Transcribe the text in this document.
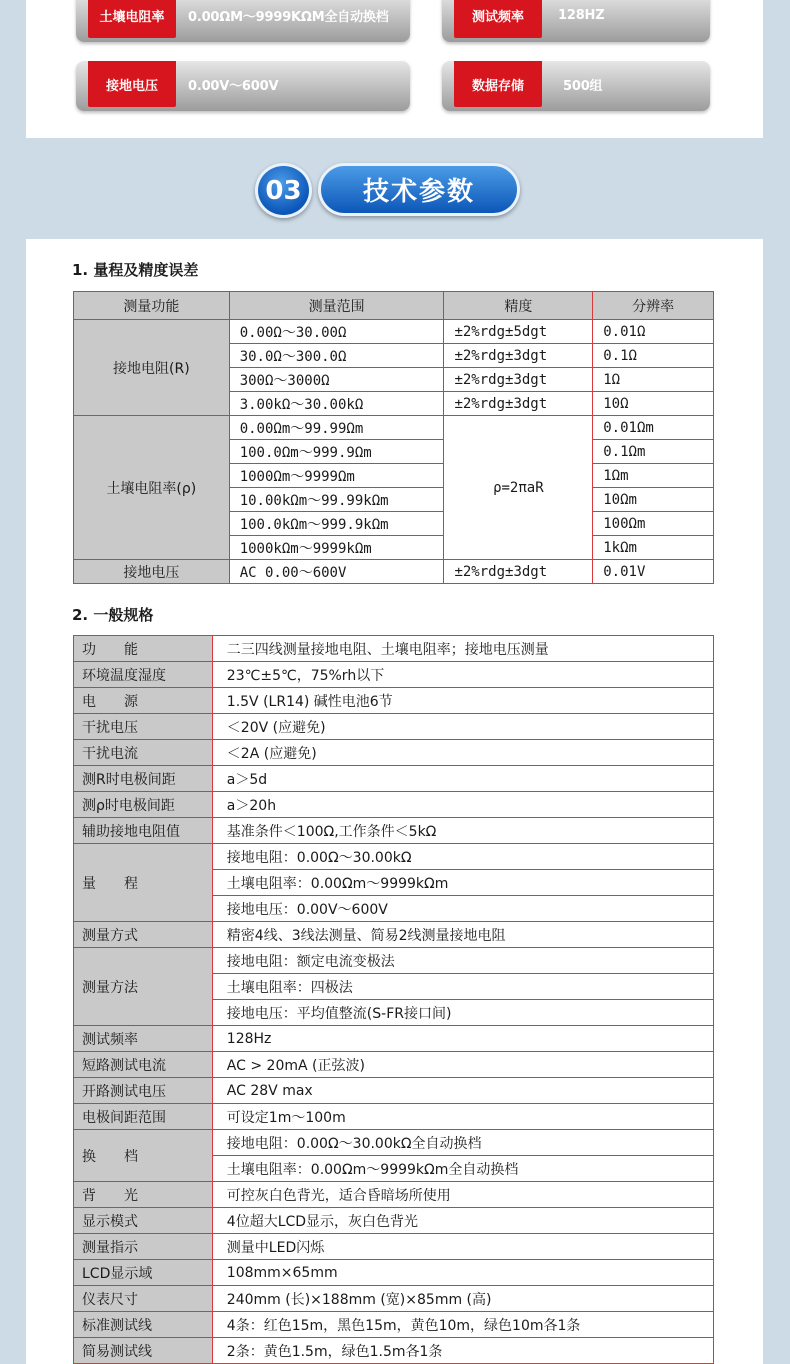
土壤电阻率	0.00ΩM～9999KΩM全自动换档	测试频率	128HZ
接地电压	0.00V～600V	数据存储	500组
03	技术参数
1. 量程及精度误差
测量功能	测量范围	精度	分辨率
接地电阻(R)	0.00Ω～30.00Ω	±2%rdg±5dgt	0.01Ω
	30.0Ω～300.0Ω	±2%rdg±3dgt	0.1Ω
	300Ω～3000Ω	±2%rdg±3dgt	1Ω
	3.00kΩ～30.00kΩ	±2%rdg±3dgt	10Ω
土壤电阻率(ρ)	0.00Ωm～99.99Ωm	ρ=2πaR	0.01Ωm
	100.0Ωm～999.9Ωm		0.1Ωm
	1000Ωm～9999Ωm		1Ωm
	10.00kΩm～99.99kΩm		10Ωm
	100.0kΩm～999.9kΩm		100Ωm
	1000kΩm～9999kΩm		1kΩm
接地电压	AC 0.00～600V	±2%rdg±3dgt	0.01V
2. 一般规格
功　　能	二三四线测量接地电阻、土壤电阻率；接地电压测量
环境温度湿度	23℃±5℃，75%rh以下
电　　源	1.5V (LR14) 碱性电池6节
干扰电压	＜20V (应避免)
干扰电流	＜2A (应避免)
测R时电极间距	a＞5d
测ρ时电极间距	a＞20h
辅助接地电阻值	基准条件＜100Ω,工作条件＜5kΩ
量　　程	接地电阻：0.00Ω～30.00kΩ
	土壤电阻率：0.00Ωm～9999kΩm
	接地电压：0.00V～600V
测量方式	精密4线、3线法测量、简易2线测量接地电阻
测量方法	接地电阻：额定电流变极法
	土壤电阻率：四极法
	接地电压：平均值整流(S-FR接口间)
测试频率	128Hz
短路测试电流	AC > 20mA (正弦波)
开路测试电压	AC 28V max
电极间距范围	可设定1m～100m
换　　档	接地电阻：0.00Ω～30.00kΩ全自动换档
	土壤电阻率：0.00Ωm～9999kΩm全自动换档
背　　光	可控灰白色背光，适合昏暗场所使用
显示模式	4位超大LCD显示，灰白色背光
测量指示	测量中LED闪烁
LCD显示域	108mm×65mm
仪表尺寸	240mm (长)×188mm (宽)×85mm (高)
标准测试线	4条：红色15m，黑色15m，黄色10m，绿色10m各1条
简易测试线	2条：黄色1.5m，绿色1.5m各1条
